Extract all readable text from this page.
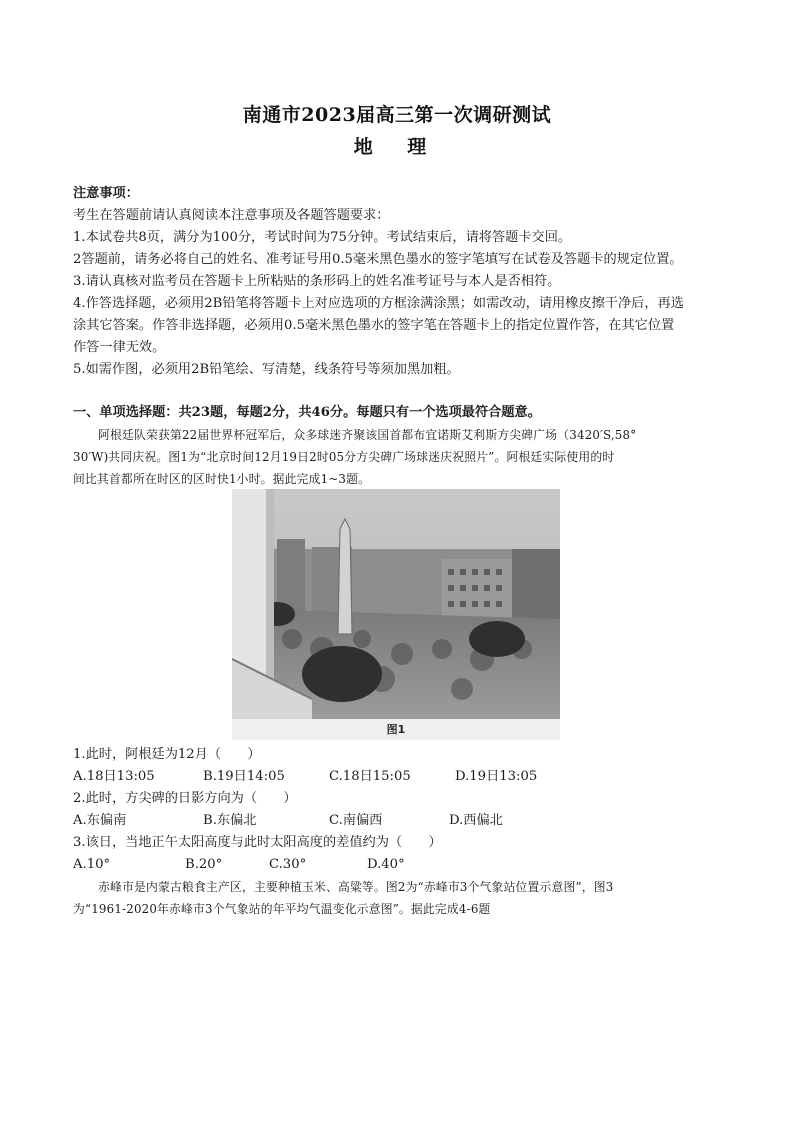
南通市2023届高三第一次调研测试
地 理
注意事项：
考生在答题前请认真阅读本注意事项及各题答题要求：
1.本试卷共8页，满分为100分，考试时间为75分钟。考试结束后，请将答题卡交回。
2答题前，请务必将自己的姓名、准考证号用0.5毫米黑色墨水的签字笔填写在试卷及答题卡的规定位置。
3.请认真核对监考员在答题卡上所粘贴的条形码上的姓名准考证号与本人是否相符。
4.作答选择题，必须用2B铅笔将答题卡上对应选项的方框涂满涂黑；如需改动，请用橡皮擦干净后，再选
涂其它答案。作答非选择题，必须用0.5毫米黑色墨水的签字笔在答题卡上的指定位置作答，在其它位置
作答一律无效。
5.如需作图，必须用2B铅笔绘、写清楚，线条符号等须加黑加粗。
一、单项选择题：共23题，每题2分，共46分。每题只有一个选项最符合题意。
阿根廷队荣获第22届世界杯冠军后，众多球迷齐聚该国首都布宜诺斯艾利斯方尖碑广场（3420′S,58°
30′W)共同庆祝。图1为“北京时间12月19日2时05分方尖碑广场球迷庆祝照片”。阿根廷实际使用的时
间比其首都所在时区的区时快1小时。据此完成1~3题。
图1
1.此时，阿根廷为12月（　　）
A.18日13:05	B.19日14:05	C.18日15:05	D.19日13:05
2.此时，方尖碑的日影方向为（　　）
A.东偏南	B.东偏北	C.南偏西	D.西偏北
3.该日，当地正午太阳高度与此时太阳高度的差值约为（　　）
A.10°	B.20°	C.30°	D.40°
赤峰市是内蒙古粮食主产区，主要种植玉米、高粱等。图2为“赤峰市3个气象站位置示意图”，图3
为“1961-2020年赤峰市3个气象站的年平均气温变化示意图”。据此完成4-6题
